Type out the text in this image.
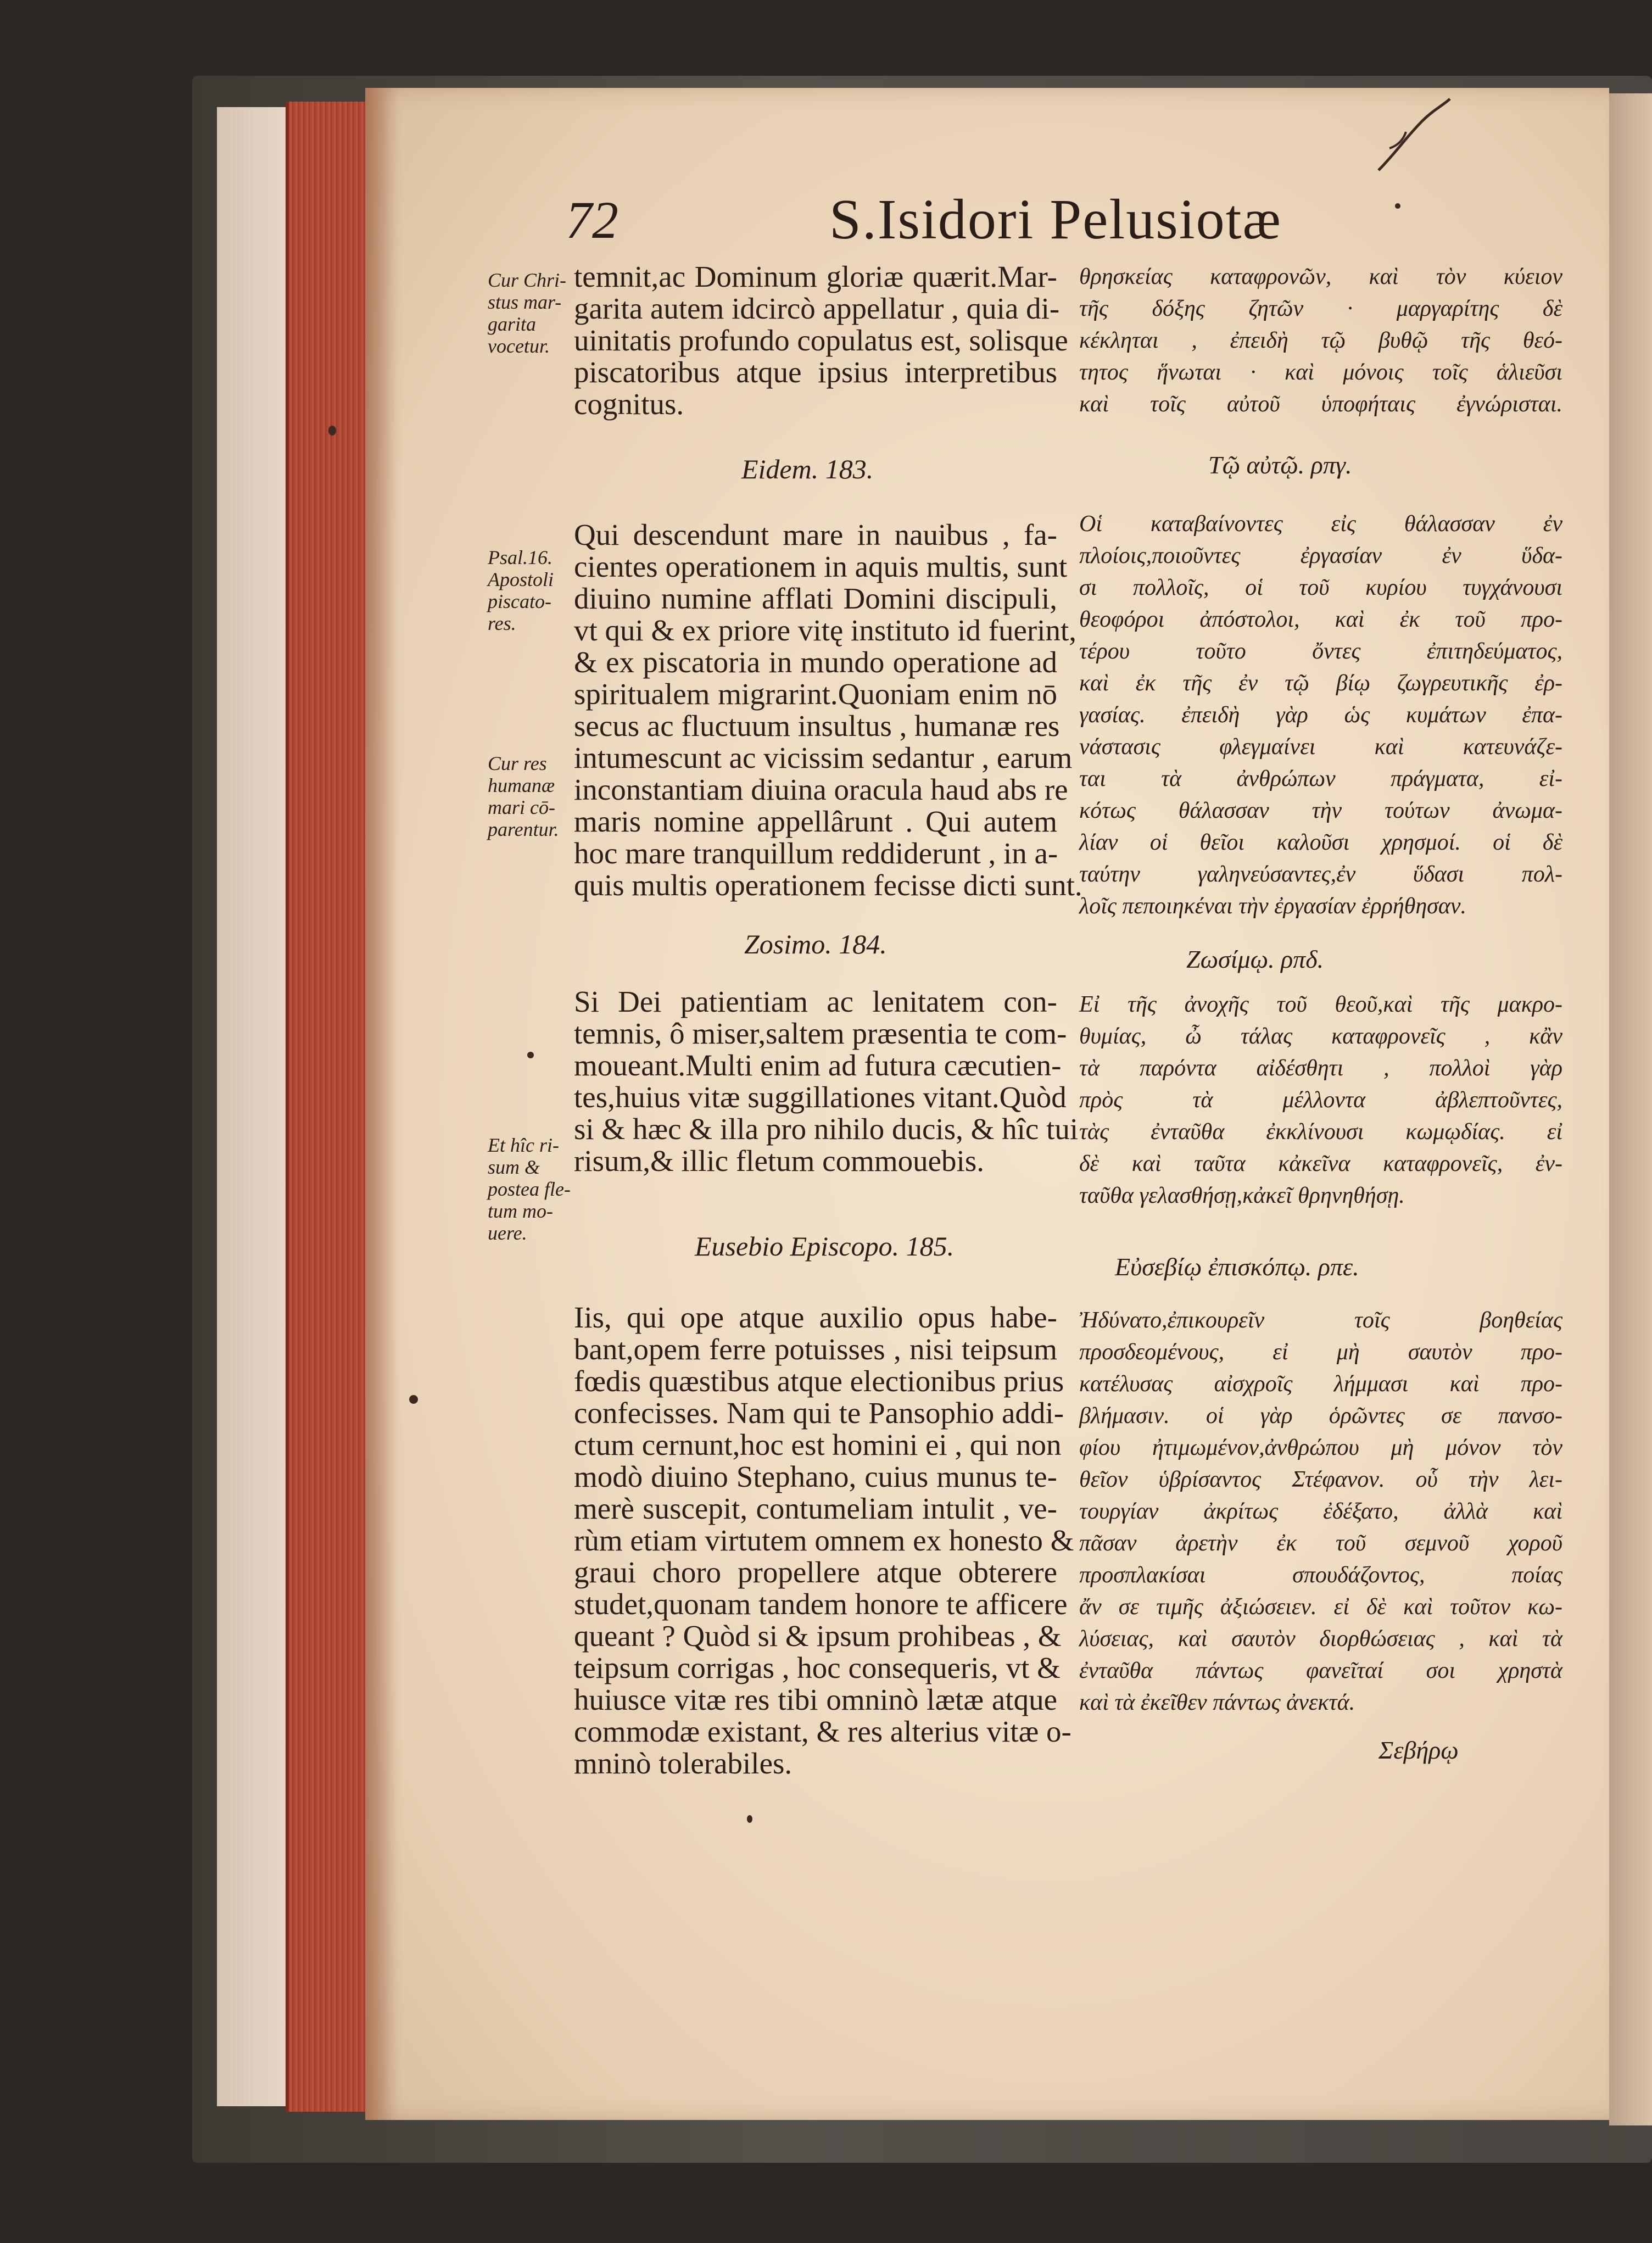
72	S.Isidori Pelusiotæ
Cur Chri-
stus mar-
garita
vocetur.
Psal.16.
Apostoli
piscato-
res.
Cur res
humanæ
mari cō-
parentur.
Et hîc ri-
sum &
postea fle-
tum mo-
uere.
temnit,ac Dominum gloriæ quærit.Mar-
garita autem idcircò appellatur , quia di-
uinitatis profundo copulatus est, solisque
piscatoribus atque ipsius interpretibus
cognitus.
Eidem. 183.
Qui descendunt mare in nauibus , fa-
cientes operationem in aquis multis, sunt
diuino numine afflati Domini discipuli,
vt qui & ex priore vitę instituto id fuerint,
& ex piscatoria in mundo operatione ad
spiritualem migrarint.Quoniam enim nō
secus ac fluctuum insultus , humanæ res
intumescunt ac vicissim sedantur , earum
inconstantiam diuina oracula haud abs re
maris nomine appellârunt . Qui autem
hoc mare tranquillum reddiderunt , in a-
quis multis operationem fecisse dicti sunt.
Zosimo. 184.
Si Dei patientiam ac lenitatem con-
temnis, ô miser,saltem præsentia te com-
moueant.Multi enim ad futura cæcutien-
tes,huius vitæ suggillationes vitant.Quòd
si & hæc & illa pro nihilo ducis, & hîc tui
risum,& illic fletum commouebis.
Eusebio Episcopo. 185.
Iis, qui ope atque auxilio opus habe-
bant,opem ferre potuisses , nisi teipsum
fœdis quæstibus atque electionibus prius
confecisses. Nam qui te Pansophio addi-
ctum cernunt,hoc est homini ei , qui non
modò diuino Stephano, cuius munus te-
merè suscepit, contumeliam intulit , ve-
rùm etiam virtutem omnem ex honesto &
graui choro propellere atque obterere
studet,quonam tandem honore te afficere
queant ? Quòd si & ipsum prohibeas , &
teipsum corrigas , hoc consequeris, vt &
huiusce vitæ res tibi omninò lætæ atque
commodæ existant, & res alterius vitæ o-
mninò tolerabiles.
θρησκείας καταφρονῶν, καὶ τὸν κύειον
τῆς δόξης ζητῶν · μαργαρίτης δὲ
κέκληται , ἐπειδὴ τῷ βυθῷ τῆς θεό-
τητος ἥνωται · καὶ μόνοις τοῖς ἁλιεῦσι
καὶ τοῖς αὐτοῦ ὑποφήταις ἐγνώρισται.
Τῷ αὐτῷ. ρπγ.
Οἱ καταβαίνοντες εἰς θάλασσαν ἐν
πλοίοις,ποιοῦντες ἐργασίαν ἐν ὕδα-
σι πολλοῖς, οἱ τοῦ κυρίου τυγχάνουσι
θεοφόροι ἀπόστολοι, καὶ ἐκ τοῦ προ-
τέρου τοῦτο ὄντες ἐπιτηδεύματος,
καὶ ἐκ τῆς ἐν τῷ βίῳ ζωγρευτικῆς ἐρ-
γασίας. ἐπειδὴ γὰρ ὡς κυμάτων ἐπα-
νάστασις φλεγμαίνει καὶ κατευνάζε-
ται τὰ ἀνθρώπων πράγματα, εἰ-
κότως θάλασσαν τὴν τούτων ἀνωμα-
λίαν οἱ θεῖοι καλοῦσι χρησμοί. οἱ δὲ
ταύτην γαληνεύσαντες,ἐν ὕδασι πολ-
λοῖς πεποιηκέναι τὴν ἐργασίαν ἐρρήθησαν.
Ζωσίμῳ. ρπδ.
Εἰ τῆς ἀνοχῆς τοῦ θεοῦ,καὶ τῆς μακρο-
θυμίας, ὦ τάλας καταφρονεῖς , κἂν
τὰ παρόντα αἰδέσθητι , πολλοὶ γὰρ
πρὸς τὰ μέλλοντα ἀβλεπτοῦντες,
τὰς ἐνταῦθα ἐκκλίνουσι κωμῳδίας. εἰ
δὲ καὶ ταῦτα κἀκεῖνα καταφρονεῖς, ἐν-
ταῦθα γελασθήσῃ,κἀκεῖ θρηνηθήσῃ.
Εὐσεβίῳ ἐπισκόπῳ. ρπε.
Ἠδύνατο,ἐπικουρεῖν τοῖς βοηθείας
προσδεομένους, εἰ μὴ σαυτὸν προ-
κατέλυσας αἰσχροῖς λήμμασι καὶ προ-
βλήμασιν. οἱ γὰρ ὁρῶντες σε πανσο-
φίου ἠτιμωμένον,ἀνθρώπου μὴ μόνον τὸν
θεῖον ὑβρίσαντος Στέφανον. οὗ τὴν λει-
τουργίαν ἀκρίτως ἐδέξατο, ἀλλὰ καὶ
πᾶσαν ἀρετὴν ἐκ τοῦ σεμνοῦ χοροῦ
προσπλακίσαι σπουδάζοντος, ποίας
ἄν σε τιμῆς ἀξιώσειεν. εἰ δὲ καὶ τοῦτον κω-
λύσειας, καὶ σαυτὸν διορθώσειας , καὶ τὰ
ἐνταῦθα πάντως φανεῖταί σοι χρηστὰ
καὶ τὰ ἐκεῖθεν πάντως ἀνεκτά.
Σεβήρῳ
